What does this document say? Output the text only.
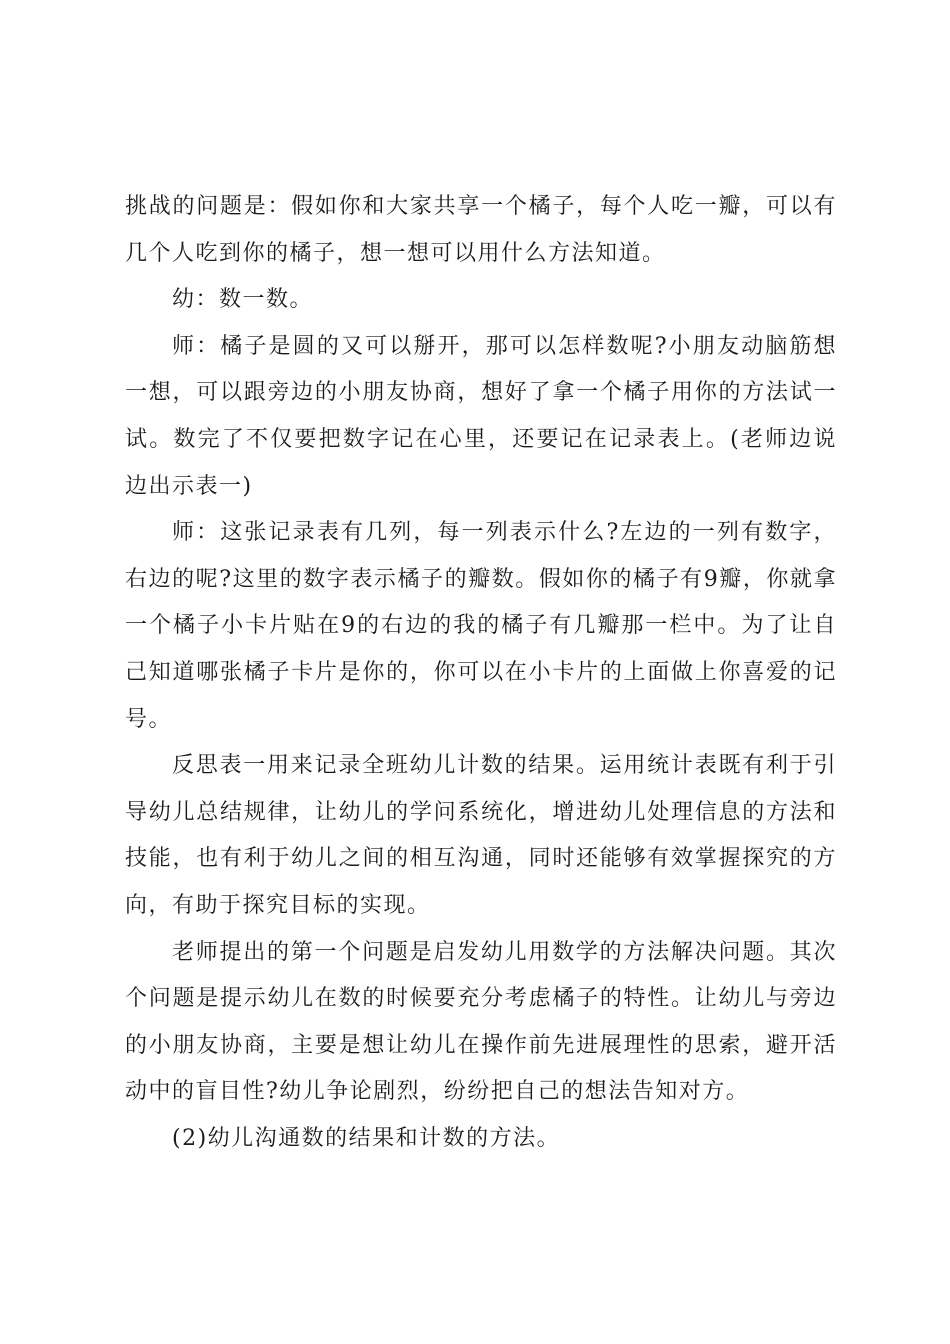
挑战的问题是：假如你和大家共享一个橘子，每个人吃一瓣，可以有几个人吃到你的橘子，想一想可以用什么方法知道。

幼：数一数。

师：橘子是圆的又可以掰开，那可以怎样数呢?小朋友动脑筋想一想，可以跟旁边的小朋友协商，想好了拿一个橘子用你的方法试一试。数完了不仅要把数字记在心里，还要记在记录表上。(老师边说边出示表一)

师：这张记录表有几列，每一列表示什么?左边的一列有数字，右边的呢?这里的数字表示橘子的瓣数。假如你的橘子有9瓣，你就拿一个橘子小卡片贴在9的右边的我的橘子有几瓣那一栏中。为了让自己知道哪张橘子卡片是你的，你可以在小卡片的上面做上你喜爱的记号。

反思表一用来记录全班幼儿计数的结果。运用统计表既有利于引导幼儿总结规律，让幼儿的学问系统化，增进幼儿处理信息的方法和技能，也有利于幼儿之间的相互沟通，同时还能够有效掌握探究的方向，有助于探究目标的实现。

老师提出的第一个问题是启发幼儿用数学的方法解决问题。其次个问题是提示幼儿在数的时候要充分考虑橘子的特性。让幼儿与旁边的小朋友协商，主要是想让幼儿在操作前先进展理性的思索，避开活动中的盲目性?幼儿争论剧烈，纷纷把自己的想法告知对方。

(2)幼儿沟通数的结果和计数的方法。
